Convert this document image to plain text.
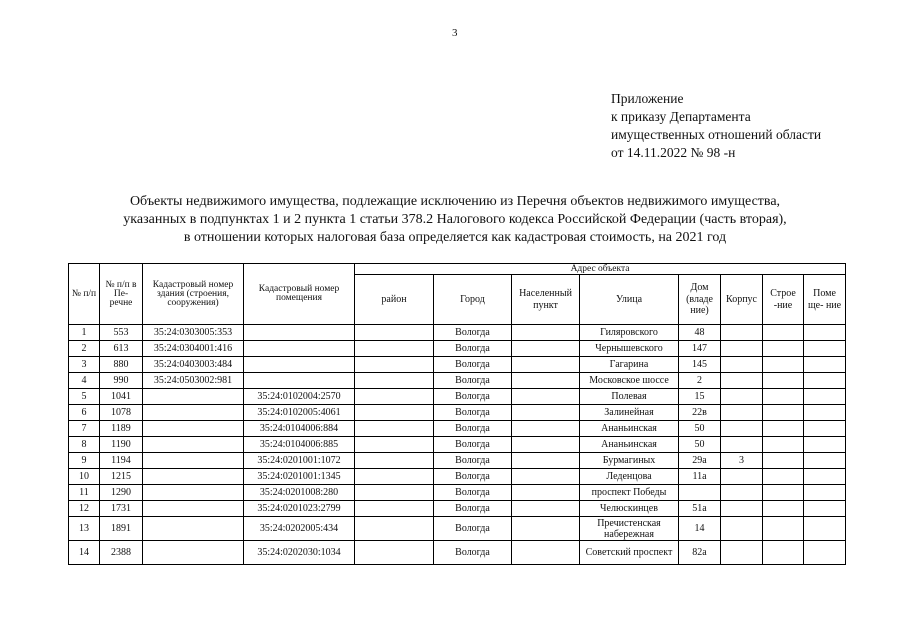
3
Приложение
к приказу Департамента
имущественных отношений области
от 14.11.2022 № 98 -н
Объекты недвижимого имущества, подлежащие исключению из Перечня объектов недвижимого имущества,
указанных в подпунктах 1 и 2 пункта 1 статьи 378.2 Налогового кодекса Российской Федерации (часть вторая),
в отношении которых налоговая база определяется как кадастровая стоимость, на 2021 год
№ п/п	№ п/п в Пе- речне	Кадастровый номер здания (строения, сооружения)	Кадастровый номер помещения	Адрес объекта							
				район	Город	Населенный пункт	Улица	Дом (владе ние)	Корпус	Строе -ние	Поме ще- ние
1	553	35:24:0303005:353			Вологда		Гиляровского	48			
2	613	35:24:0304001:416			Вологда		Чернышевского	147			
3	880	35:24:0403003:484			Вологда		Гагарина	145			
4	990	35:24:0503002:981			Вологда		Московское шоссе	2			
5	1041		35:24:0102004:2570		Вологда		Полевая	15			
6	1078		35:24:0102005:4061		Вологда		Залинейная	22в			
7	1189		35:24:0104006:884		Вологда		Ананьинская	50			
8	1190		35:24:0104006:885		Вологда		Ананьинская	50			
9	1194		35:24:0201001:1072		Вологда		Бурмагиных	29а	3		
10	1215		35:24:0201001:1345		Вологда		Леденцова	11а			
11	1290		35:24:0201008:280		Вологда		проспект Победы				
12	1731		35:24:0201023:2799		Вологда		Челюскинцев	51а			
13	1891		35:24:0202005:434		Вологда		Пречистенская набережная	14			
14	2388		35:24:0202030:1034		Вологда		Советский проспект	82а			
